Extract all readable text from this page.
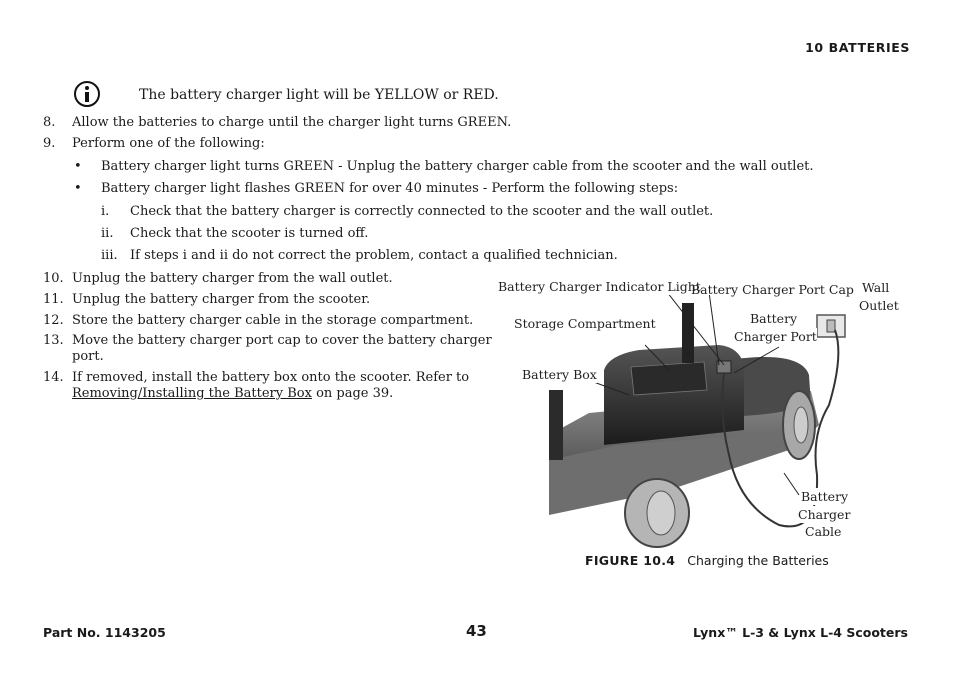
10 BATTERIES
The battery charger light will be YELLOW or RED.
8. Allow the batteries to charge until the charger light turns GREEN.
9. Perform one of the following:
• Battery charger light turns GREEN - Unplug the battery charger cable from the scooter and the wall outlet.
• Battery charger light flashes GREEN for over 40 minutes - Perform the following steps:
i. Check that the battery charger is correctly connected to the scooter and the wall outlet.
ii. Check that the scooter is turned off.
iii. If steps i and ii do not correct the problem, contact a qualified technician.
10. Unplug the battery charger from the wall outlet.
11. Unplug the battery charger from the scooter.
12. Store the battery charger cable in the storage compartment.
13. Move the battery charger port cap to cover the battery charger
port.
14. If removed, install the battery box onto the scooter. Refer to
Removing/Installing the Battery Box on page 39.
Battery Charger Indicator Light
Battery Charger Port Cap Wall
Outlet
Storage Compartment	Battery
Charger Port
Battery Box
Battery
Charger
Cable
FIGURE 10.4 Charging the Batteries
Part No. 1143205	43	Lynx™ L-3 & Lynx L-4 Scooters
